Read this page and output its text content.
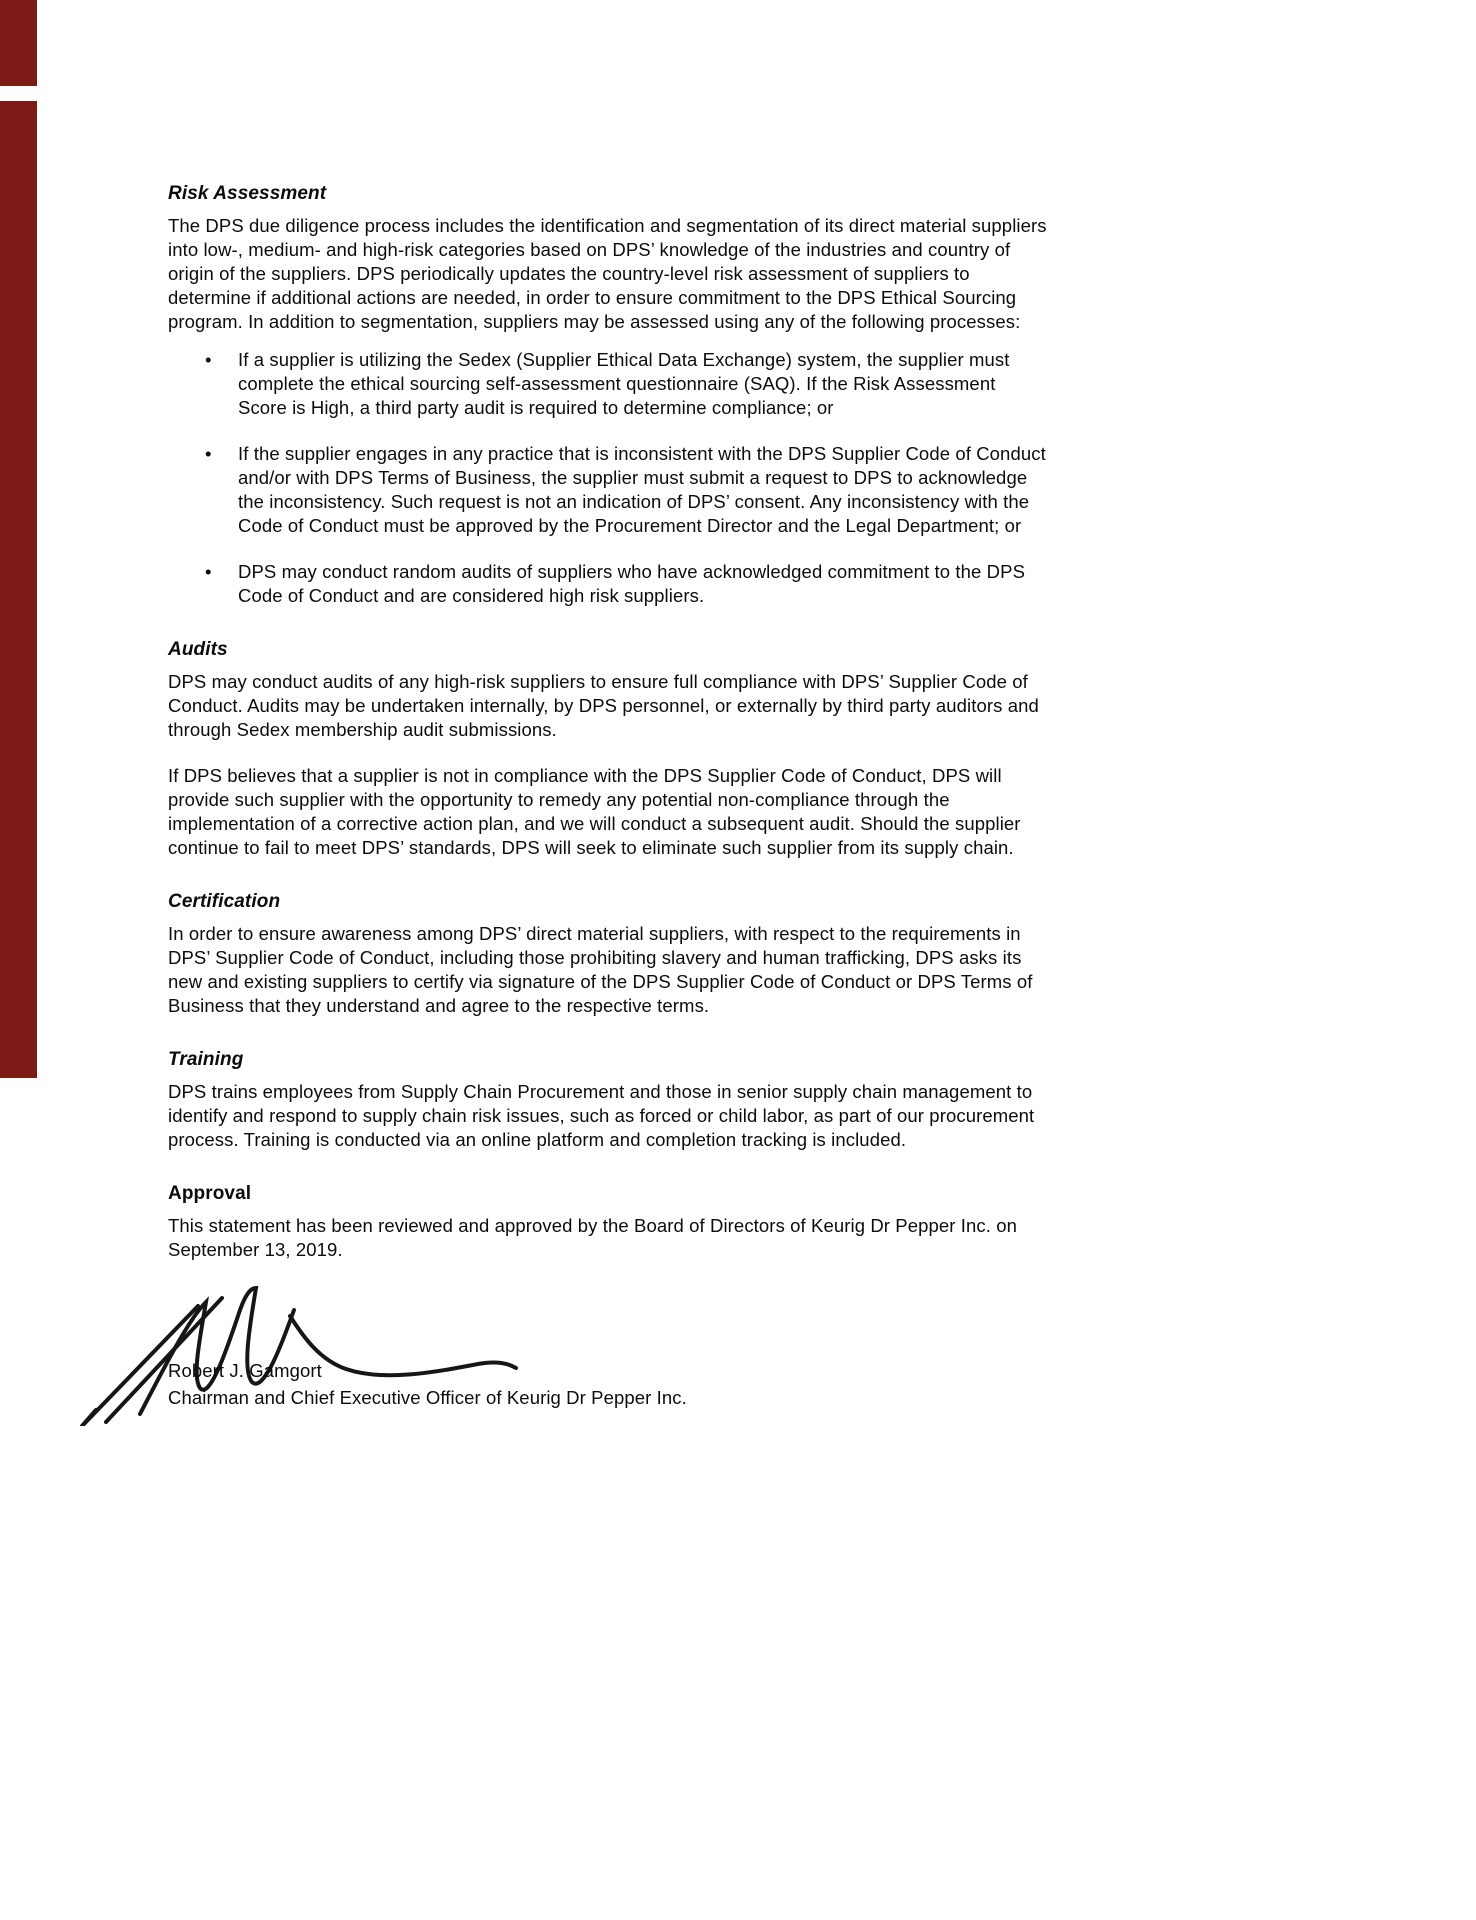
Risk Assessment

The DPS due diligence process includes the identification and segmentation of its direct material suppliers into low-, medium- and high-risk categories based on DPS’ knowledge of the industries and country of origin of the suppliers. DPS periodically updates the country-level risk assessment of suppliers to determine if additional actions are needed, in order to ensure commitment to the DPS Ethical Sourcing program. In addition to segmentation, suppliers may be assessed using any of the following processes:

• If a supplier is utilizing the Sedex (Supplier Ethical Data Exchange) system, the supplier must complete the ethical sourcing self-assessment questionnaire (SAQ). If the Risk Assessment Score is High, a third party audit is required to determine compliance; or
• If the supplier engages in any practice that is inconsistent with the DPS Supplier Code of Conduct and/or with DPS Terms of Business, the supplier must submit a request to DPS to acknowledge the inconsistency. Such request is not an indication of DPS’ consent. Any inconsistency with the Code of Conduct must be approved by the Procurement Director and the Legal Department; or
• DPS may conduct random audits of suppliers who have acknowledged commitment to the DPS Code of Conduct and are considered high risk suppliers.
Audits

DPS may conduct audits of any high-risk suppliers to ensure full compliance with DPS’ Supplier Code of Conduct. Audits may be undertaken internally, by DPS personnel, or externally by third party auditors and through Sedex membership audit submissions.

If DPS believes that a supplier is not in compliance with the DPS Supplier Code of Conduct, DPS will provide such supplier with the opportunity to remedy any potential non-compliance through the implementation of a corrective action plan, and we will conduct a subsequent audit. Should the supplier continue to fail to meet DPS’ standards, DPS will seek to eliminate such supplier from its supply chain.

Certification

In order to ensure awareness among DPS’ direct material suppliers, with respect to the requirements in DPS’ Supplier Code of Conduct, including those prohibiting slavery and human trafficking, DPS asks its new and existing suppliers to certify via signature of the DPS Supplier Code of Conduct or DPS Terms of Business that they understand and agree to the respective terms.

Training

DPS trains employees from Supply Chain Procurement and those in senior supply chain management to identify and respond to supply chain risk issues, such as forced or child labor, as part of our procurement process. Training is conducted via an online platform and completion tracking is included.

Approval

This statement has been reviewed and approved by the Board of Directors of Keurig Dr Pepper Inc. on September 13, 2019.

Robert J. Gamgort
Chairman and Chief Executive Officer of Keurig Dr Pepper Inc.
